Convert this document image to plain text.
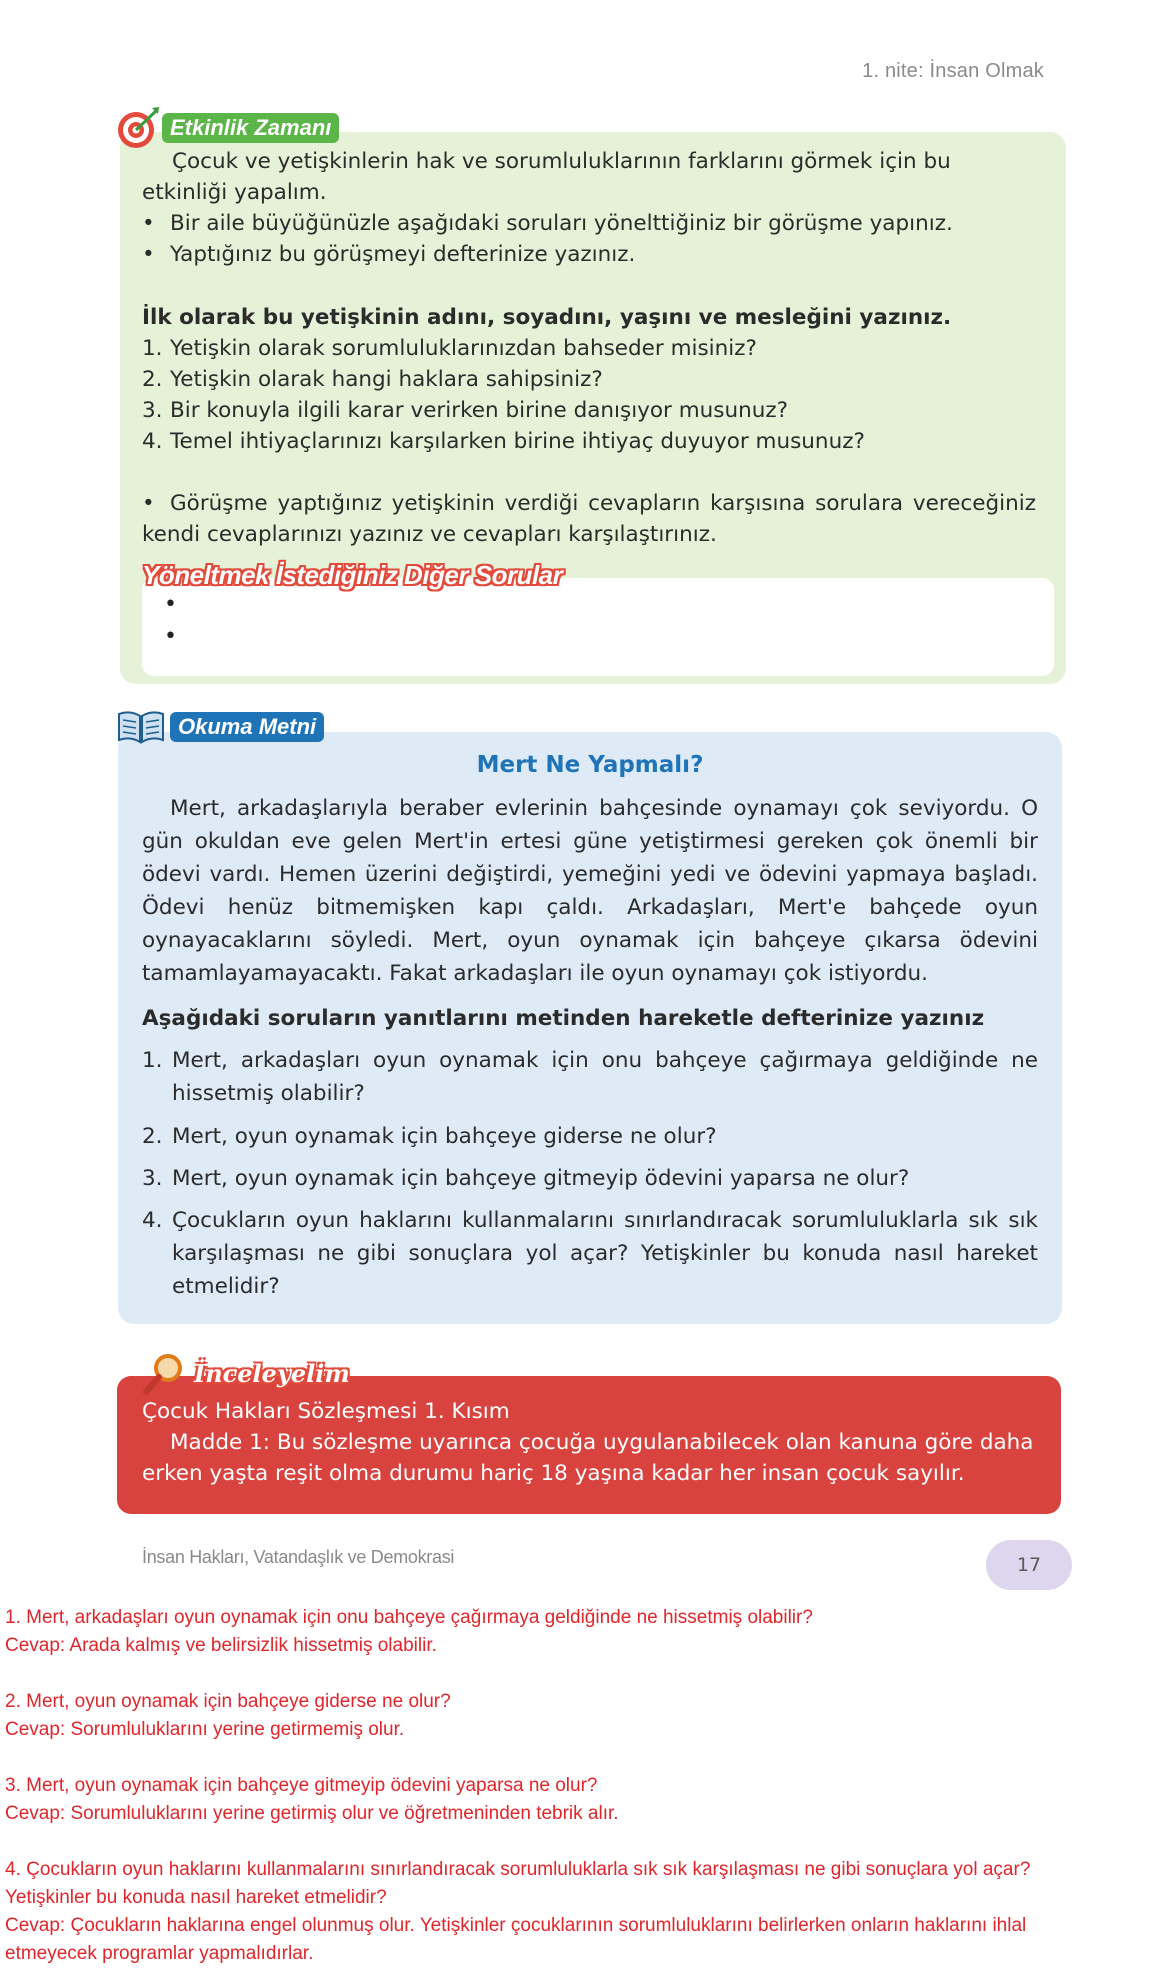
1. nite: İnsan Olmak
Etkinlik Zamanı
Çocuk ve yetişkinlerin hak ve sorumluluklarının farklarını görmek için bu etkinliği yapalım.
• Bir aile büyüğünüzle aşağıdaki soruları yönelttiğiniz bir görüşme yapınız.
• Yaptığınız bu görüşmeyi defterinize yazınız.
İlk olarak bu yetişkinin adını, soyadını, yaşını ve mesleğini yazınız.
1. Yetişkin olarak sorumluluklarınızdan bahseder misiniz?
2. Yetişkin olarak hangi haklara sahipsiniz?
3. Bir konuyla ilgili karar verirken birine danışıyor musunuz?
4. Temel ihtiyaçlarınızı karşılarken birine ihtiyaç duyuyor musunuz?
• Görüşme yaptığınız yetişkinin verdiği cevapların karşısına sorulara vereceğiniz kendi cevaplarınızı yazınız ve cevapları karşılaştırınız.
•
•
Yöneltmek İstediğiniz Diğer Sorular
Okuma Metni
Mert Ne Yapmalı?
Mert, arkadaşlarıyla beraber evlerinin bahçesinde oynamayı çok seviyordu. O gün okuldan eve gelen Mert'in ertesi güne yetiştirmesi gereken çok önemli bir ödevi vardı. Hemen üzerini değiştirdi, yemeğini yedi ve ödevini yapmaya başladı. Ödevi henüz bitmemişken kapı çaldı. Arkadaşları, Mert'e bahçede oyun oynayacaklarını söyledi. Mert, oyun oynamak için bahçeye çıkarsa ödevini tamamlayamayacaktı. Fakat arkadaşları ile oyun oynamayı çok istiyordu.
Aşağıdaki soruların yanıtlarını metinden hareketle defterinize yazınız
1. Mert, arkadaşları oyun oynamak için onu bahçeye çağırmaya geldiğinde ne hissetmiş olabilir?
2. Mert, oyun oynamak için bahçeye giderse ne olur?
3. Mert, oyun oynamak için bahçeye gitmeyip ödevini yaparsa ne olur?
4. Çocukların oyun haklarını kullanmalarını sınırlandıracak sorumluluklarla sık sık karşılaşması ne gibi sonuçlara yol açar? Yetişkinler bu konuda nasıl hareket etmelidir?
İnceleyelim
Çocuk Hakları Sözleşmesi 1. Kısım
Madde 1: Bu sözleşme uyarınca çocuğa uygulanabilecek olan kanuna göre daha erken yaşta reşit olma durumu hariç 18 yaşına kadar her insan çocuk sayılır.
İnsan Hakları, Vatandaşlık ve Demokrasi	17
1. Mert, arkadaşları oyun oynamak için onu bahçeye çağırmaya geldiğinde ne hissetmiş olabilir?
Cevap: Arada kalmış ve belirsizlik hissetmiş olabilir.
2. Mert, oyun oynamak için bahçeye giderse ne olur?
Cevap: Sorumluluklarını yerine getirmemiş olur.
3. Mert, oyun oynamak için bahçeye gitmeyip ödevini yaparsa ne olur?
Cevap: Sorumluluklarını yerine getirmiş olur ve öğretmeninden tebrik alır.
4. Çocukların oyun haklarını kullanmalarını sınırlandıracak sorumluluklarla sık sık karşılaşması ne gibi sonuçlara yol açar?
Yetişkinler bu konuda nasıl hareket etmelidir?
Cevap: Çocukların haklarına engel olunmuş olur. Yetişkinler çocuklarının sorumluluklarını belirlerken onların haklarını ihlal
etmeyecek programlar yapmalıdırlar.
